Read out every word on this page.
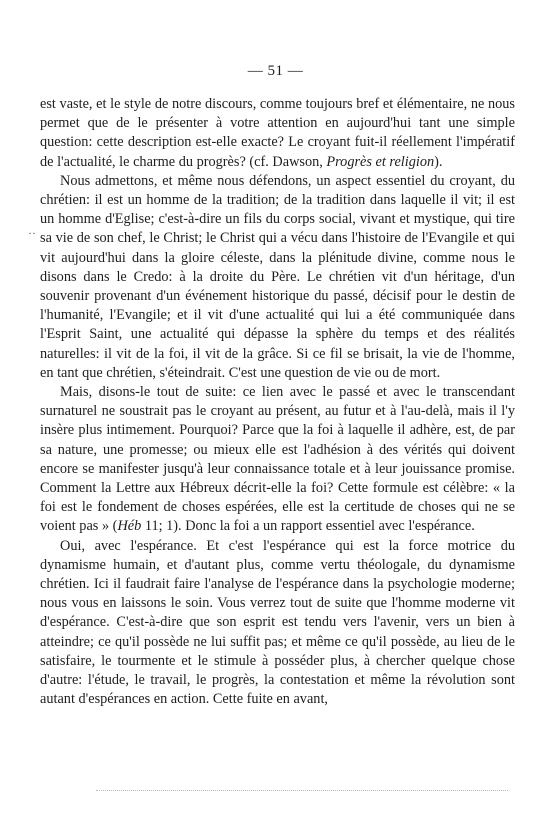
— 51 —
··

est vaste, et le style de notre discours, comme toujours bref et élémentaire, ne nous permet que de le présenter à votre attention en aujourd'hui tant une simple question: cette description est-elle exacte? Le croyant fuit-il réellement l'impératif de l'actualité, le charme du progrès? (cf. Dawson, Progrès et religion).

Nous admettons, et même nous défendons, un aspect essentiel du croyant, du chrétien: il est un homme de la tradition; de la tradition dans laquelle il vit; il est un homme d'Eglise; c'est-à-dire un fils du corps social, vivant et mystique, qui tire sa vie de son chef, le Christ; le Christ qui a vécu dans l'histoire de l'Evangile et qui vit aujourd'hui dans la gloire céleste, dans la plénitude divine, comme nous le disons dans le Credo: à la droite du Père. Le chrétien vit d'un héritage, d'un souvenir provenant d'un événement historique du passé, décisif pour le destin de l'humanité, l'Evangile; et il vit d'une actualité qui lui a été communiquée dans l'Esprit Saint, une actualité qui dépasse la sphère du temps et des réalités naturelles: il vit de la foi, il vit de la grâce. Si ce fil se brisait, la vie de l'homme, en tant que chrétien, s'éteindrait. C'est une question de vie ou de mort.

Mais, disons-le tout de suite: ce lien avec le passé et avec le transcendant surnaturel ne soustrait pas le croyant au présent, au futur et à l'au-delà, mais il l'y insère plus intimement. Pourquoi? Parce que la foi à laquelle il adhère, est, de par sa nature, une promesse; ou mieux elle est l'adhésion à des vérités qui doivent encore se manifester jusqu'à leur connaissance totale et à leur jouissance promise. Comment la Lettre aux Hébreux décrit-elle la foi? Cette formule est célèbre: « la foi est le fondement de choses espérées, elle est la certitude de choses qui ne se voient pas » (Héb 11; 1). Donc la foi a un rapport essentiel avec l'espérance.

Oui, avec l'espérance. Et c'est l'espérance qui est la force motrice du dynamisme humain, et d'autant plus, comme vertu théologale, du dynamisme chrétien. Ici il faudrait faire l'analyse de l'espérance dans la psychologie moderne; nous vous en laissons le soin. Vous verrez tout de suite que l'homme moderne vit d'espérance. C'est-à-dire que son esprit est tendu vers l'avenir, vers un bien à atteindre; ce qu'il possède ne lui suffit pas; et même ce qu'il possède, au lieu de le satisfaire, le tourmente et le stimule à posséder plus, à chercher quelque chose d'autre: l'étude, le travail, le progrès, la contestation et même la révolution sont autant d'espérances en action. Cette fuite en avant,
